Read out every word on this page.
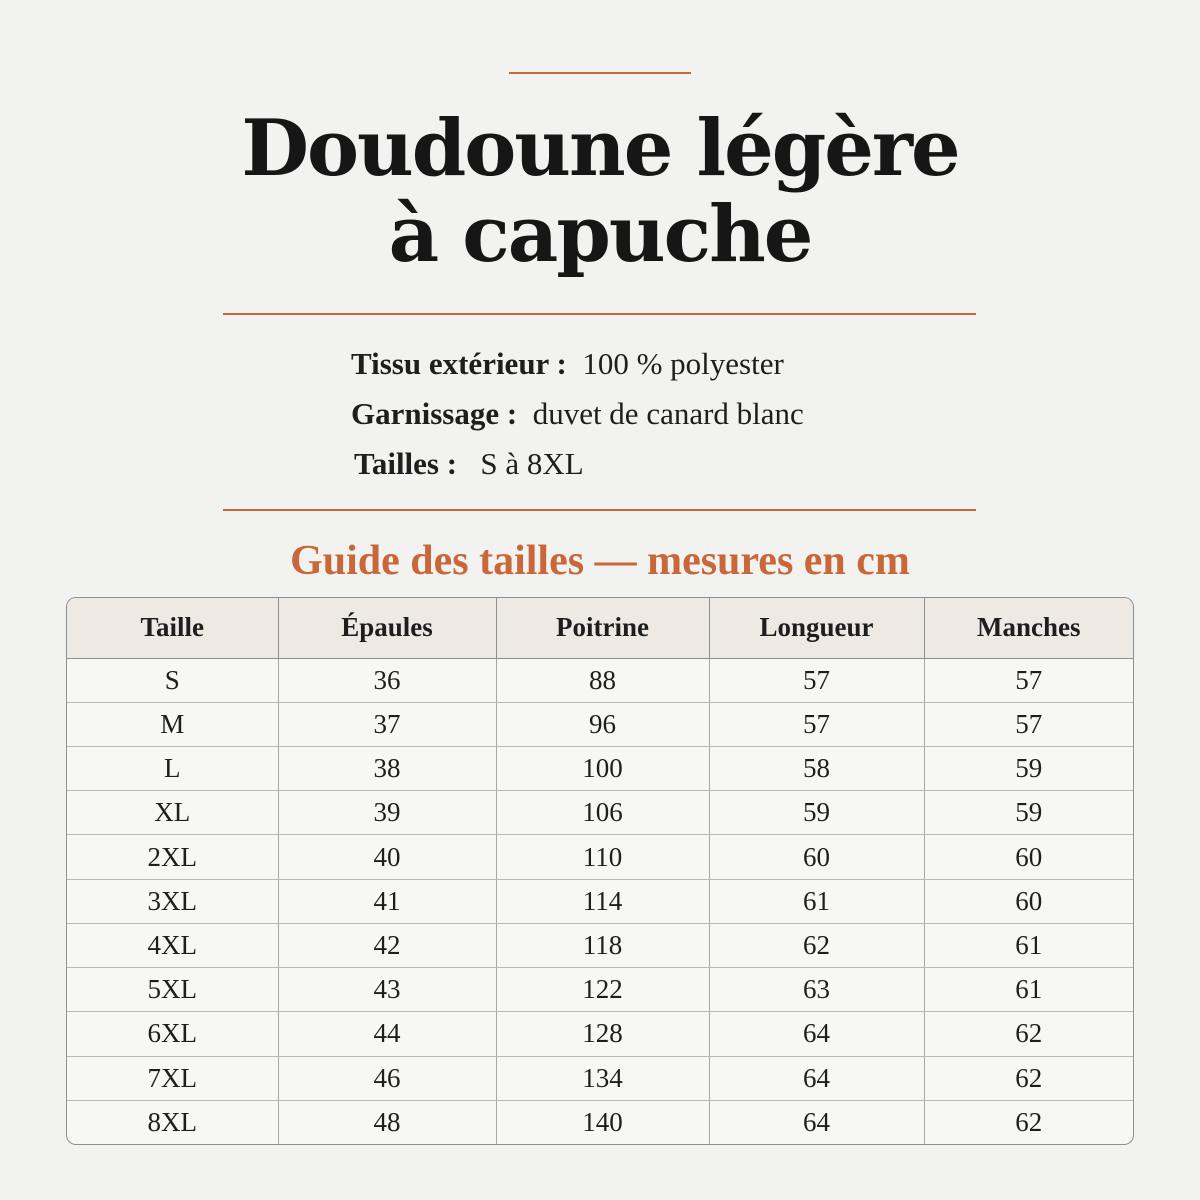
Doudoune légère
à capuche
Tissu extérieur : 100 % polyester
Garnissage : duvet de canard blanc
Tailles : S à 8XL
Guide des tailles — mesures en cm
Taille	Épaules	Poitrine	Longueur	Manches
S	36	88	57	57
M	37	96	57	57
L	38	100	58	59
XL	39	106	59	59
2XL	40	110	60	60
3XL	41	114	61	60
4XL	42	118	62	61
5XL	43	122	63	61
6XL	44	128	64	62
7XL	46	134	64	62
8XL	48	140	64	62
